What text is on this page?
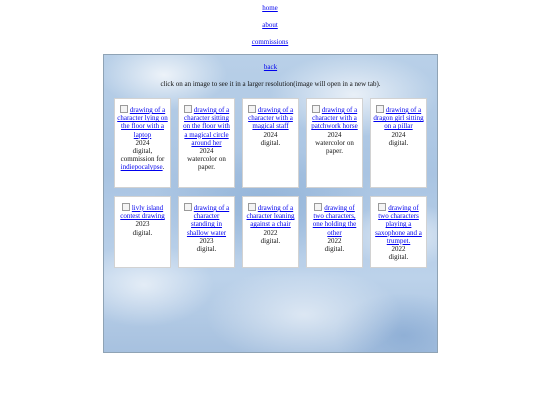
home
about
commissions
back
click on an image to see it in a larger resolution(image will open in a new tab).
drawing of a character lying on the floor with a laptop
2024
digital,
commission for indiepocalypse.
drawing of a character sitting on the floor with a magical circle around her
2024
watercolor on paper.
drawing of a character with a magical staff
2024
digital.
drawing of a character with a patchwork horse
2024
watercolor on paper.
drawing of a dragon girl sitting on a pillar
2024
digital.
livly island contest drawing
2023
digital.
drawing of a character standing in shallow water
2023
digital.
drawing of a character leaning against a chair
2022
digital.
drawing of two characters, one holding the other
2022
digital.
drawing of two characters playing a saxophone and a trumpet.
2022
digital.
